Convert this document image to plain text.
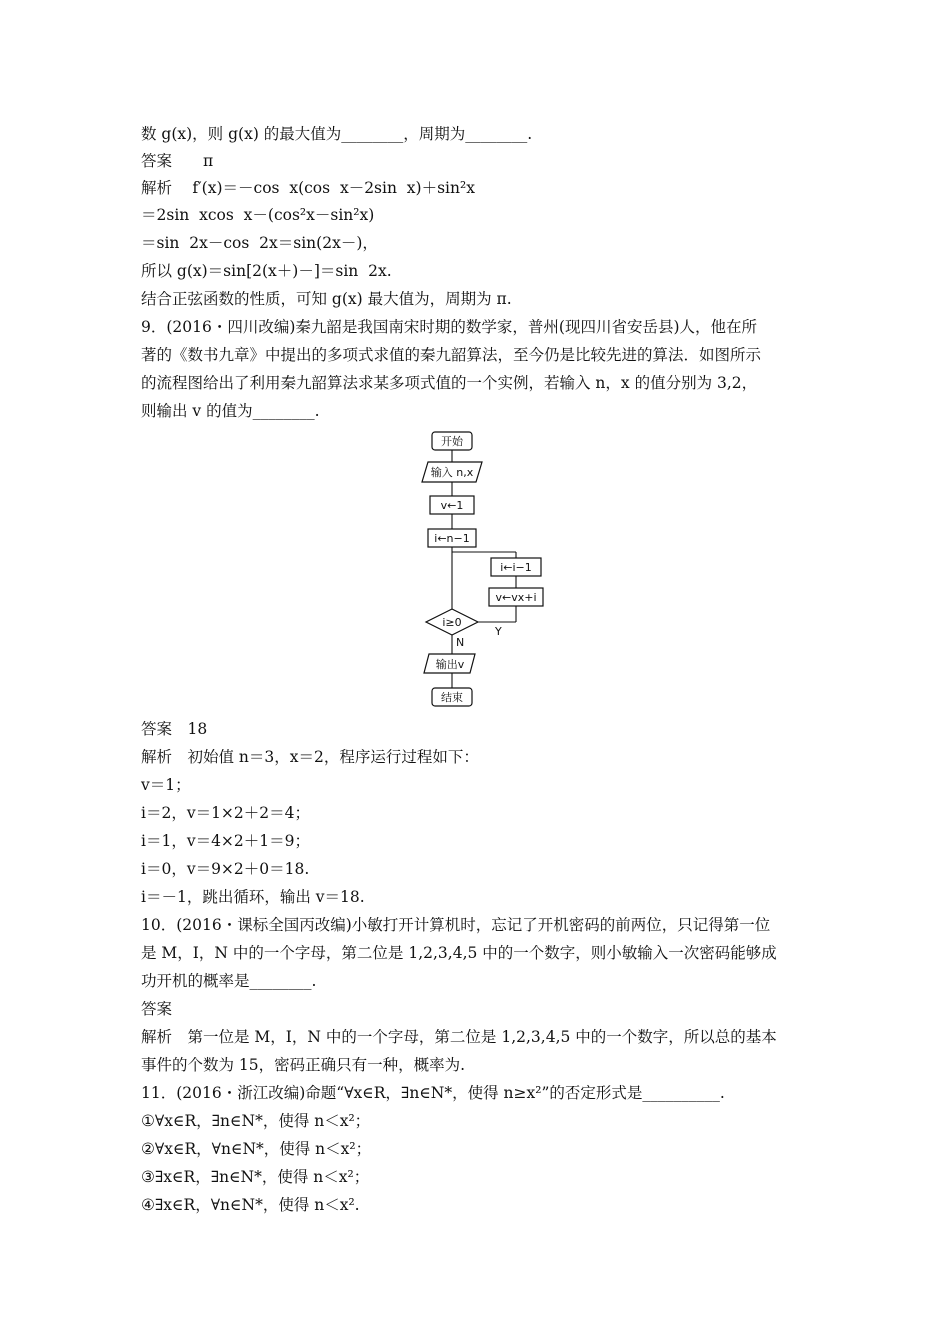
数 g(x)，则 g(x) 的最大值为________，周期为________.
答案　　π
解析　 f′(x)＝－cos  x(cos  x－2sin  x)＋sin²x
＝2sin  xcos  x－(cos²x－sin²x)
＝sin  2x－cos  2x＝sin(2x－)，
所以 g(x)＝sin[2(x＋)－]＝sin  2x.
结合正弦函数的性质，可知 g(x) 最大值为，周期为 π.
9．(2016・四川改编)秦九韶是我国南宋时期的数学家，普州(现四川省安岳县)人，他在所
著的《数书九章》中提出的多项式求值的秦九韶算法，至今仍是比较先进的算法．如图所示
的流程图给出了利用秦九韶算法求某多项式值的一个实例，若输入 n，x 的值分别为 3,2，
则输出 v 的值为________.
开始
输入 n,x
v←1
i←n−1
i←i−1
v←vx+i
i≥0
Y
N
输出v
结束
答案　18
解析　初始值 n＝3，x＝2，程序运行过程如下：
v＝1；
i＝2，v＝1×2＋2＝4；
i＝1，v＝4×2＋1＝9；
i＝0，v＝9×2＋0＝18.
i＝－1，跳出循环，输出 v＝18.
10．(2016・课标全国丙改编)小敏打开计算机时，忘记了开机密码的前两位，只记得第一位
是 M，I，N 中的一个字母，第二位是 1,2,3,4,5 中的一个数字，则小敏输入一次密码能够成
功开机的概率是________.
答案
解析　第一位是 M，I，N 中的一个字母，第二位是 1,2,3,4,5 中的一个数字，所以总的基本
事件的个数为 15，密码正确只有一种，概率为.
11．(2016・浙江改编)命题“∀x∈R，∃n∈N*，使得 n≥x²”的否定形式是__________.
①∀x∈R，∃n∈N*，使得 n＜x²；
②∀x∈R，∀n∈N*，使得 n＜x²；
③∃x∈R，∃n∈N*，使得 n＜x²；
④∃x∈R，∀n∈N*，使得 n＜x².
